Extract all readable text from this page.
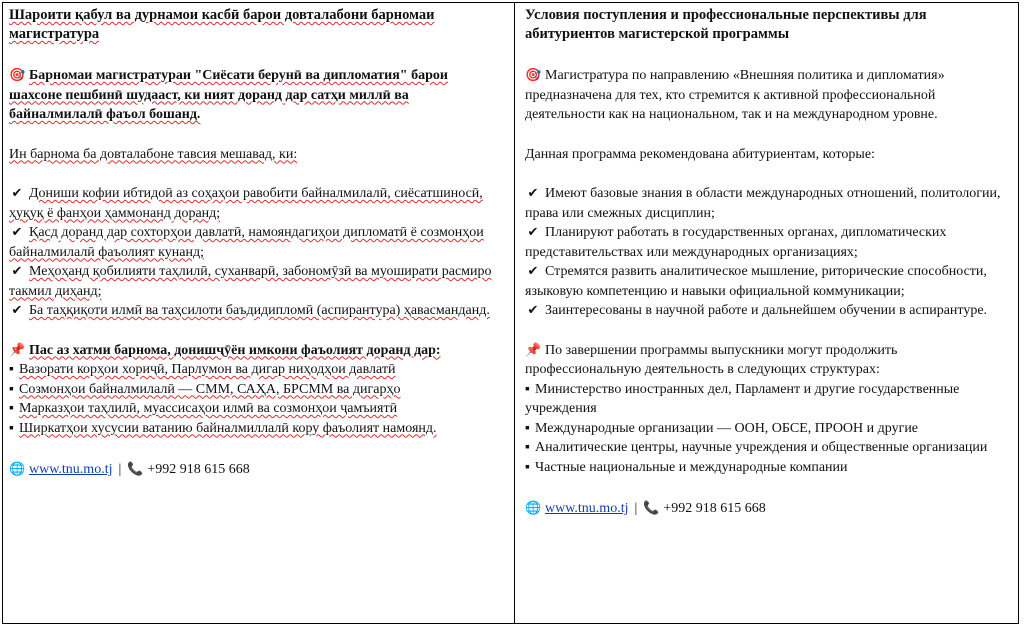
Шароити қабул ва дурнамои касбӣ барои довталабони барномаи магистратура

🎯 Барномаи магистратураи "Сиёсати берунӣ ва дипломатия" барои шахсоне пешбинӣ шудааст, ки ният доранд дар сатҳи миллӣ ва байналмилалӣ фаъол бошанд.

Ин барнома ба довталабоне тавсия мешавад, ки:

✔ Дониши кофии ибтидоӣ аз соҳаҳои равобити байналмилалӣ, сиёсатшиносӣ, ҳуқуқ ё фанҳои ҳаммонанд доранд;

✔ Қасд доранд дар сохторҳои давлатӣ, намояндагиҳои дипломатӣ ё созмонҳои байналмилалӣ фаъолият кунанд;

✔ Меҳоҳанд қобилияти таҳлилӣ, суханварӣ, забономӯзӣ ва муоширати расмиро такмил диҳанд;

✔ Ба таҳқиқоти илмӣ ва таҳсилоти баъдидипломӣ (аспирантура) ҳавасманданд.

📌 Пас аз хатми барнома, донишҷӯён имкони фаъолият доранд дар:

▪ Вазорати корҳои хориҷӣ, Парлумон ва дигар ниҳодҳои давлатӣ

▪ Созмонҳои байналмилалӣ — СММ, САҲА, БРСММ ва дигарҳо

▪ Марказҳои таҳлилӣ, муассисаҳои илмӣ ва созмонҳои ҷамъиятӣ

▪ Ширкатҳои хусусии ватанию байналмиллалӣ кору фаъолият намоянд.

🌐 www.tnu.mo.tj | 📞 +992 918 615 668

Условия поступления и профессиональные перспективы для абитуриентов магистерской программы

🎯 Магистратура по направлению «Внешняя политика и дипломатия» предназначена для тех, кто стремится к активной профессиональной деятельности как на национальном, так и на международном уровне.

Данная программа рекомендована абитуриентам, которые:

✔ Имеют базовые знания в области международных отношений, политологии, права или смежных дисциплин;

✔ Планируют работать в государственных органах, дипломатических представительствах или международных организациях;

✔ Стремятся развить аналитическое мышление, риторические способности, языковую компетенцию и навыки официальной коммуникации;

✔ Заинтересованы в научной работе и дальнейшем обучении в аспирантуре.

📌 По завершении программы выпускники могут продолжить профессиональную деятельность в следующих структурах:

▪ Министерство иностранных дел, Парламент и другие государственные учреждения

▪ Международные организации — ООН, ОБСЕ, ПРООН и другие

▪ Аналитические центры, научные учреждения и общественные организации

▪ Частные национальные и международные компании

🌐 www.tnu.mo.tj | 📞 +992 918 615 668
